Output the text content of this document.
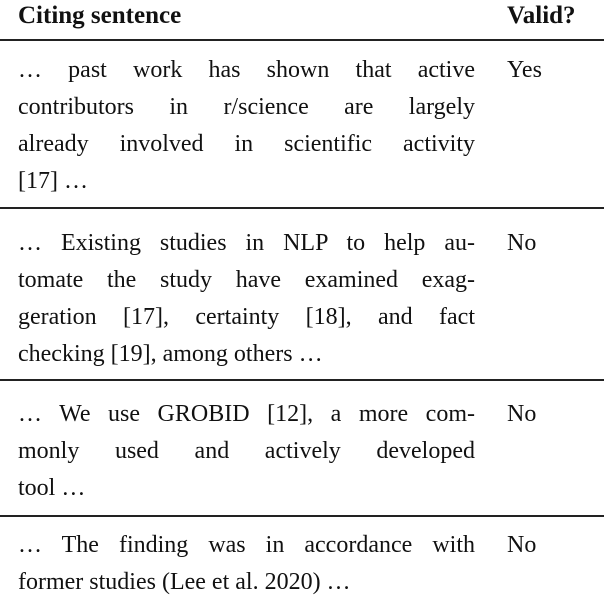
Citing sentence	Valid?
… past work has shown that active
contributors in r/science are largely
already involved in scientific activity
[17] …
Yes
… Existing studies in NLP to help au-
tomate the study have examined exag-
geration [17], certainty [18], and fact
checking [19], among others …
No
… We use GROBID [12], a more com-
monly used and actively developed
tool …
No
… The finding was in accordance with
former studies (Lee et al. 2020) …
No
